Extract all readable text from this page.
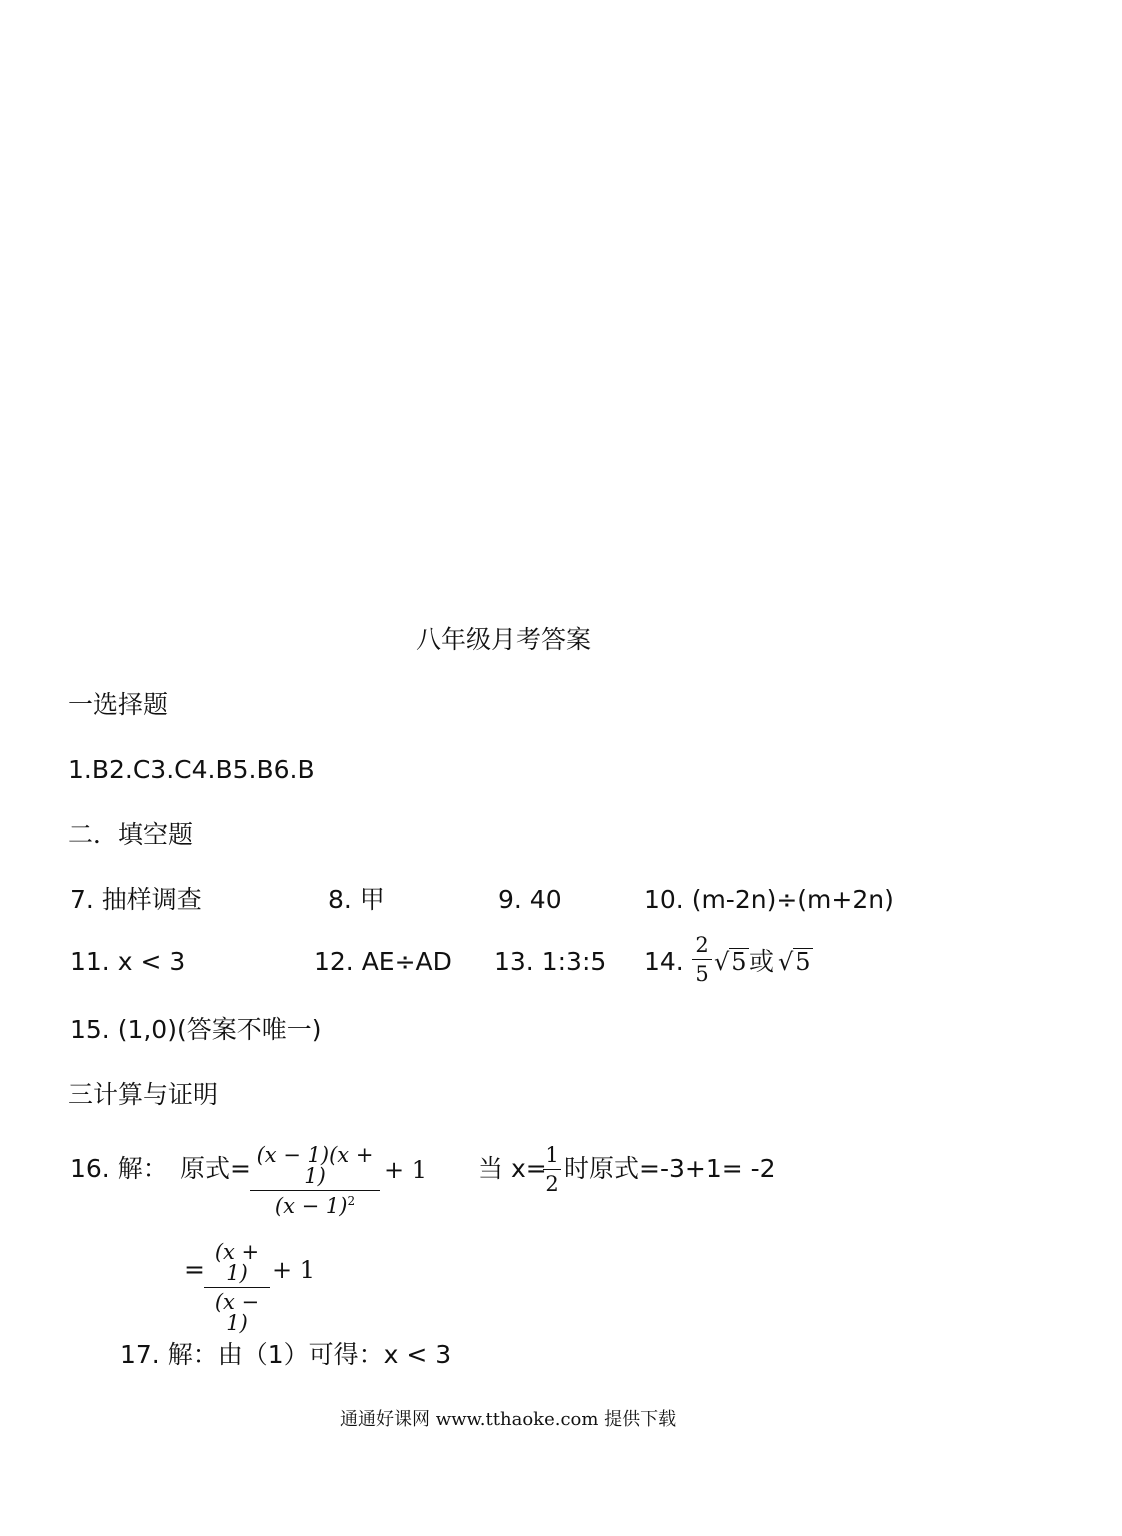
八年级月考答案
一选择题
1.B2.C3.C4.B5.B6.B
二．填空题
7. 抽样调查	8. 甲	9. 40	10. (m-2n)÷(m+2n)
11. x < 3	12. AE÷AD 13. 1:3:5 14.
2
5 √5 或 √5
15. (1,0)(答案不唯一)
三计算与证明
16. 解： 原式= (x − 1)(x + 1)
$(x - 1)^2$
+ 1 当 x=
1
2
时原式=-3+1= -2
=
(x + 1)
(x − 1)
+ 1
17. 解：由（1）可得：x < 3
通通好课网 www.tthaoke.com 提供下载
